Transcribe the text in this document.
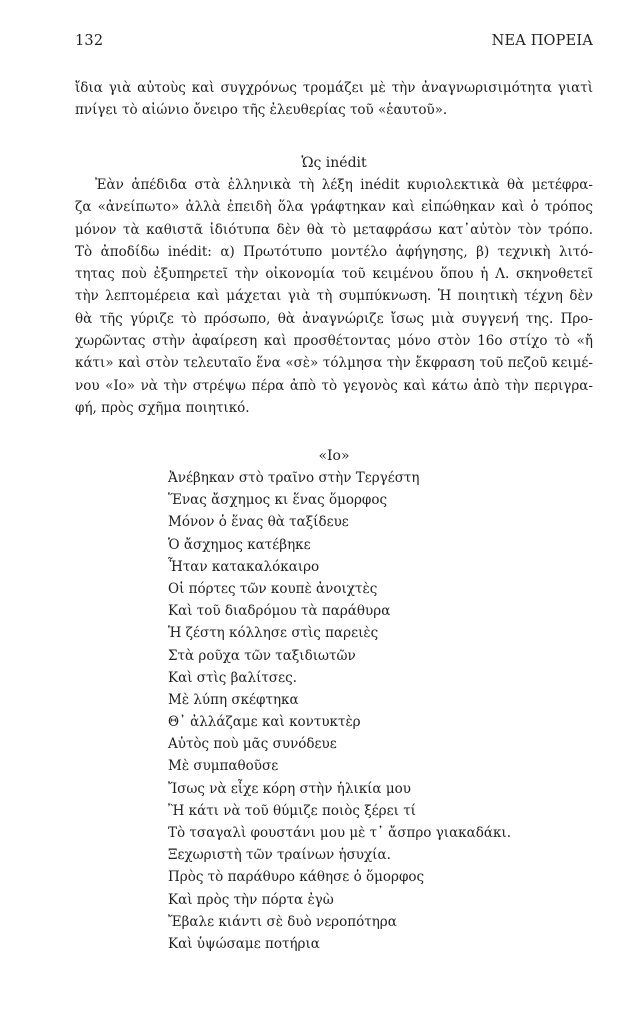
132	ΝΕΑ ΠΟΡΕΙΑ
ἴδια γιὰ αὐτοὺς καὶ συγχρόνως τρομάζει μὲ τὴν ἀναγνωρισιμότητα γιατὶ
πνίγει τὸ αἰώνιο ὄνειρο τῆς ἐλευθερίας τοῦ «ἑαυτοῦ».
Ὡς inédit
Ἐὰν ἀπέδιδα στὰ ἑλληνικὰ τὴ λέξη inédit κυριολεκτικὰ θὰ μετέφρα-
ζα «ἀνείπωτο» ἀλλὰ ἐπειδὴ ὅλα γράφτηκαν καὶ εἰπώθηκαν καὶ ὁ τρόπος
μόνον τὰ καθιστᾶ ἰδιότυπα δὲν θὰ τὸ μεταφράσω κατ᾽αὐτὸν τὸν τρόπο.
Τὸ ἀποδίδω inédit: α) Πρωτότυπο μοντέλο ἀφήγησης, β) τεχνικὴ λιτό-
τητας ποὺ ἐξυπηρετεῖ τὴν οἰκονομία τοῦ κειμένου ὅπου ἡ Λ. σκηνοθετεῖ
τὴν λεπτομέρεια καὶ μάχεται γιὰ τὴ συμπύκνωση. Ἡ ποιητικὴ τέχνη δὲν
θὰ τῆς γύριζε τὸ πρόσωπο, θὰ ἀναγνώριζε ἴσως μιὰ συγγενή της. Προ-
χωρῶντας στὴν ἀφαίρεση καὶ προσθέτοντας μόνο στὸν 16ο στίχο τὸ «ἤ
κάτι» καὶ στὸν τελευταῖο ἕνα «σὲ» τόλμησα τὴν ἔκφραση τοῦ πεζοῦ κειμέ-
νου «Ιο» νὰ τὴν στρέψω πέρα ἀπὸ τὸ γεγονὸς καὶ κάτω ἀπὸ τὴν περιγρα-
φή, πρὸς σχῆμα ποιητικό.
«Ιο»
Ἀνέβηκαν στὸ τραῖνο στὴν Τεργέστη
Ἕνας ἄσχημος κι ἕνας ὅμορφος
Μόνον ὁ ἕνας θὰ ταξίδευε
Ὁ ἄσχημος κατέβηκε
Ἦταν κατακαλόκαιρο
Οἱ πόρτες τῶν κουπὲ ἀνοιχτὲς
Καὶ τοῦ διαδρόμου τὰ παράθυρα
Ἡ ζέστη κόλλησε στὶς παρειὲς
Στὰ ροῦχα τῶν ταξιδιωτῶν
Καὶ στὶς βαλίτσες.
Μὲ λύπη σκέφτηκα
Θ᾽ ἀλλάζαμε καὶ κοντυκτὲρ
Αὐτὸς ποὺ μᾶς συνόδευε
Μὲ συμπαθοῦσε
Ἴσως νὰ εἶχε κόρη στὴν ἡλικία μου
Ἢ κάτι νὰ τοῦ θύμιζε ποιὸς ξέρει τί
Τὸ τσαγαλὶ φουστάνι μου μὲ τ᾽ ἄσπρο γιακαδάκι.
Ξεχωριστὴ τῶν τραίνων ἡσυχία.
Πρὸς τὸ παράθυρο κάθησε ὁ ὅμορφος
Καὶ πρὸς τὴν πόρτα ἐγὼ
Ἔβαλε κιάντι σὲ δυὸ νεροπότηρα
Καὶ ὑψώσαμε ποτήρια
